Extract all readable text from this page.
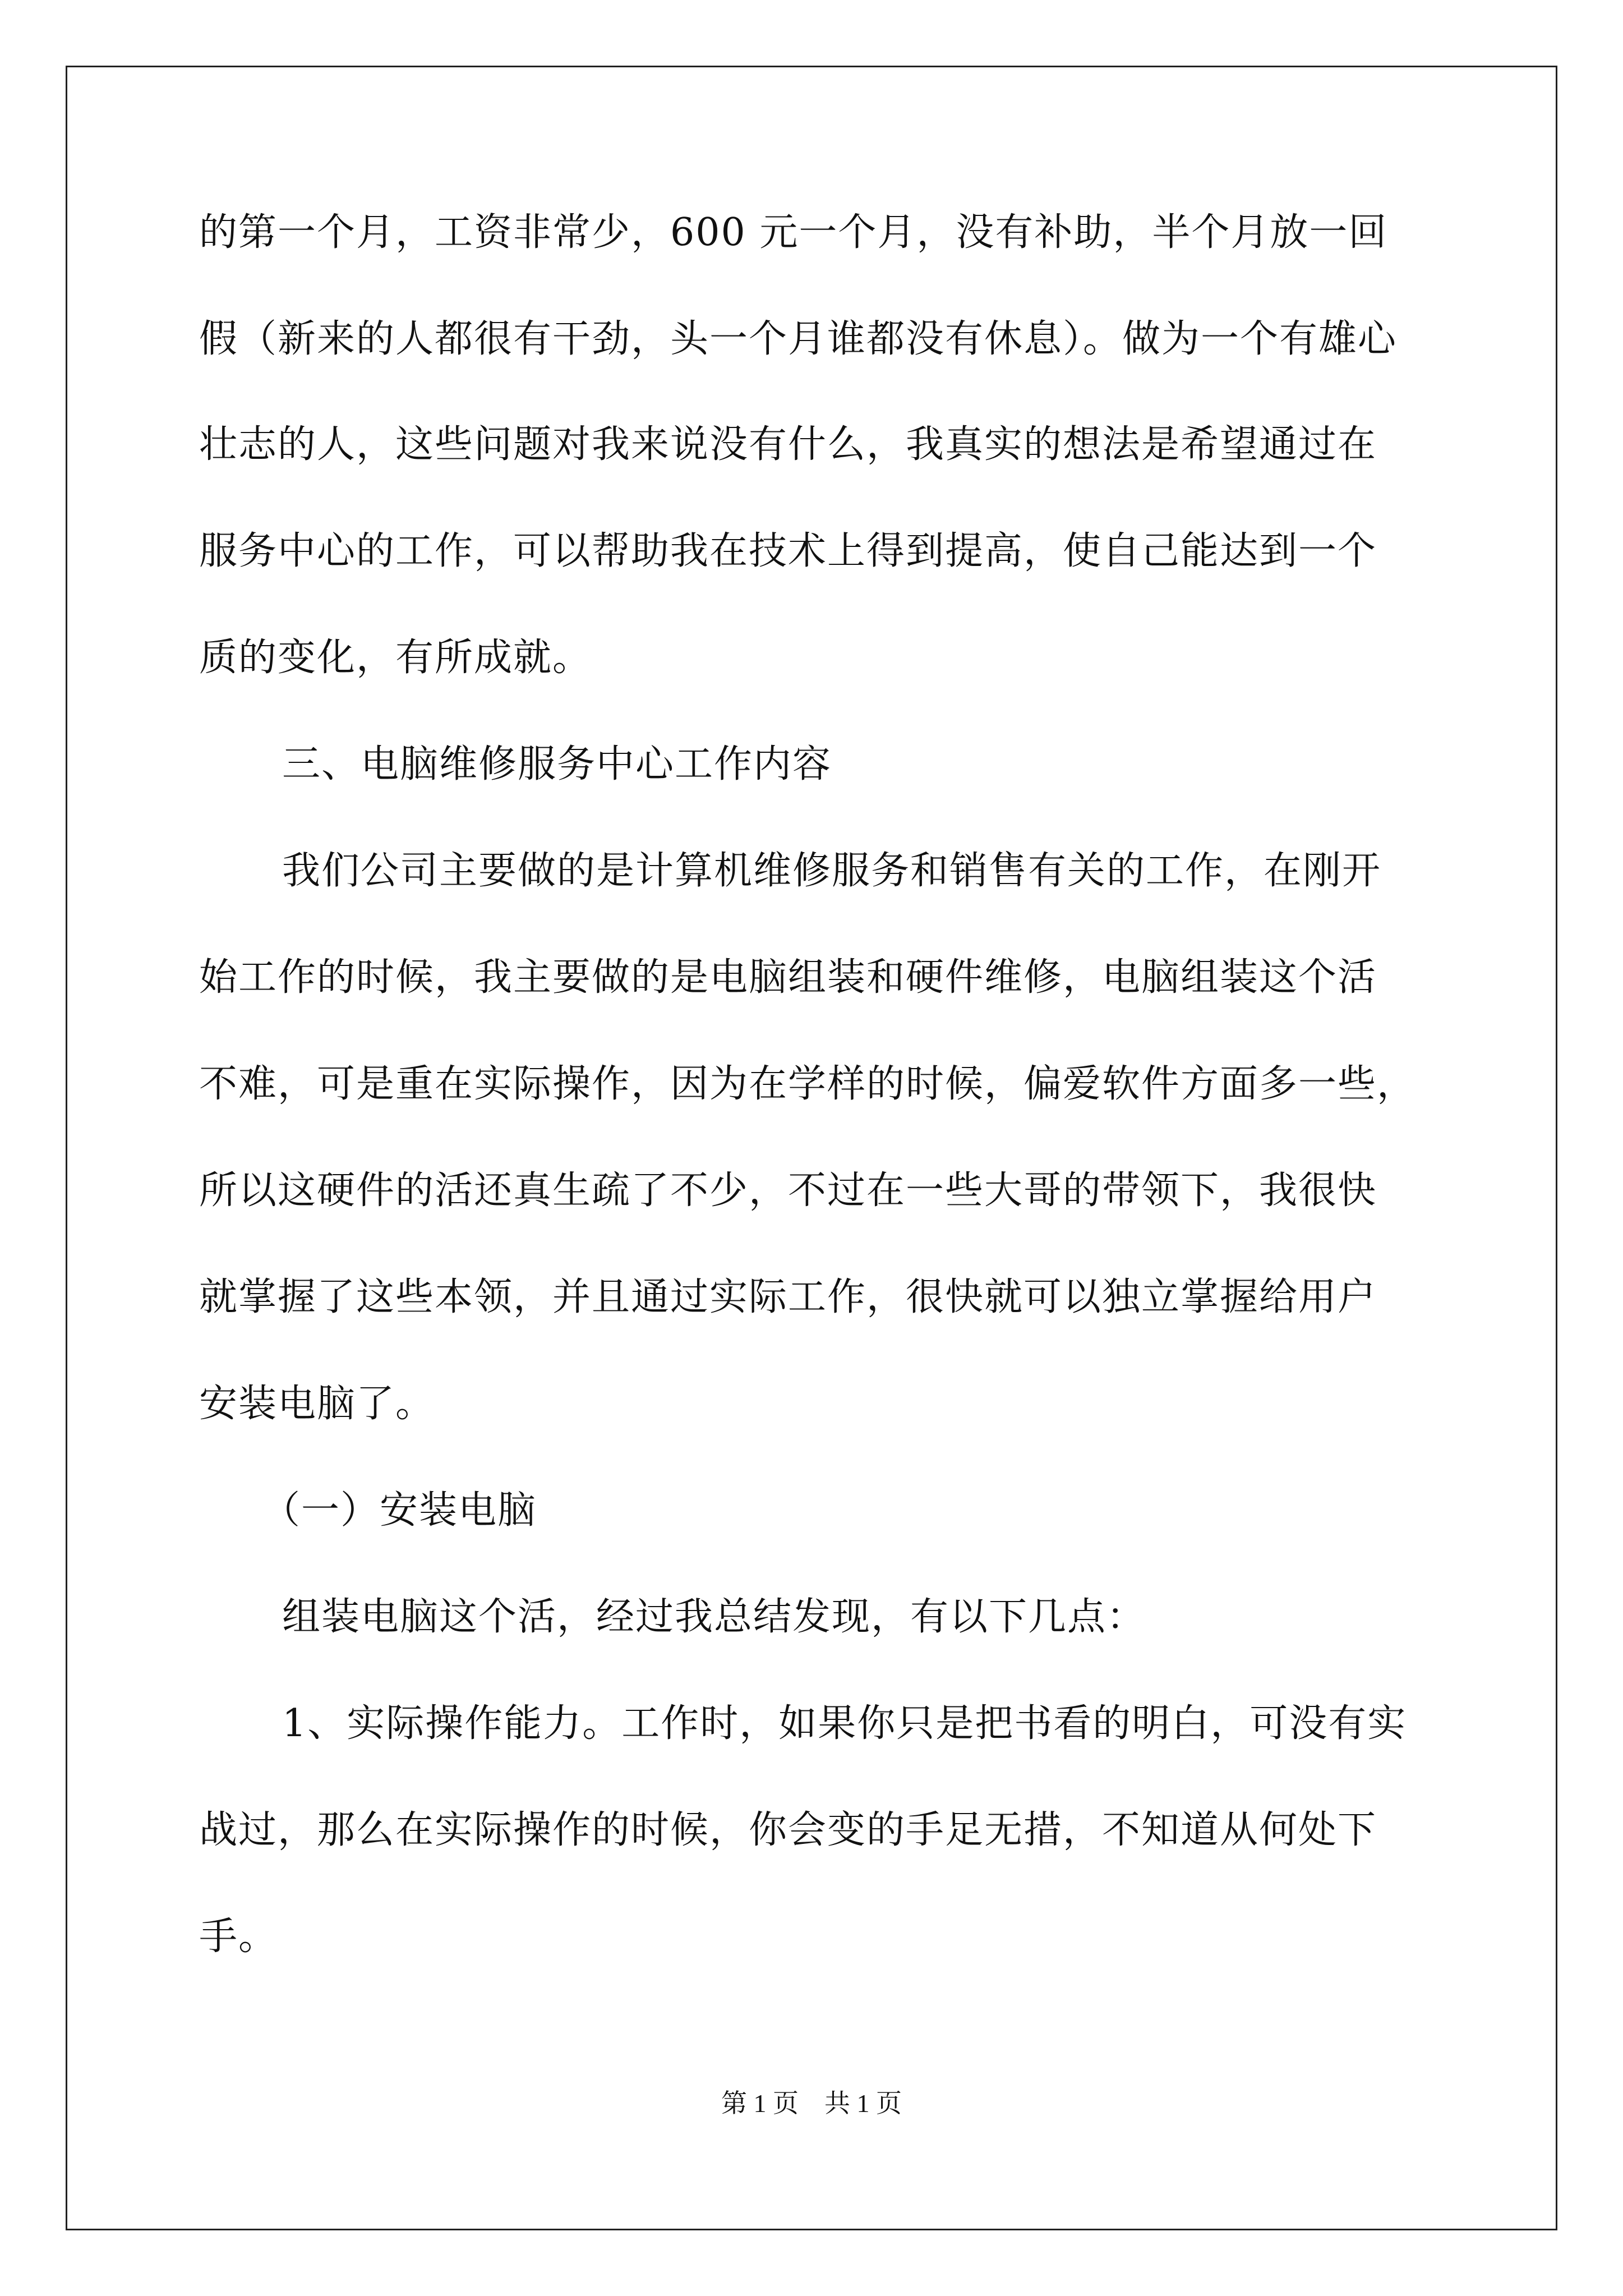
的第一个月，工资非常少，600 元一个月，没有补助，半个月放一回
假（新来的人都很有干劲，头一个月谁都没有休息）。做为一个有雄心
壮志的人，这些问题对我来说没有什么，我真实的想法是希望通过在
服务中心的工作，可以帮助我在技术上得到提高，使自己能达到一个
质的变化，有所成就。
三、电脑维修服务中心工作内容
我们公司主要做的是计算机维修服务和销售有关的工作，在刚开
始工作的时候，我主要做的是电脑组装和硬件维修，电脑组装这个活
不难，可是重在实际操作，因为在学样的时候，偏爱软件方面多一些，
所以这硬件的活还真生疏了不少，不过在一些大哥的带领下，我很快
就掌握了这些本领，并且通过实际工作，很快就可以独立掌握给用户
安装电脑了。
（一）安装电脑
组装电脑这个活，经过我总结发现，有以下几点：
1、实际操作能力。工作时，如果你只是把书看的明白，可没有实
战过，那么在实际操作的时候，你会变的手足无措，不知道从何处下
手。
第 1 页　共 1 页
